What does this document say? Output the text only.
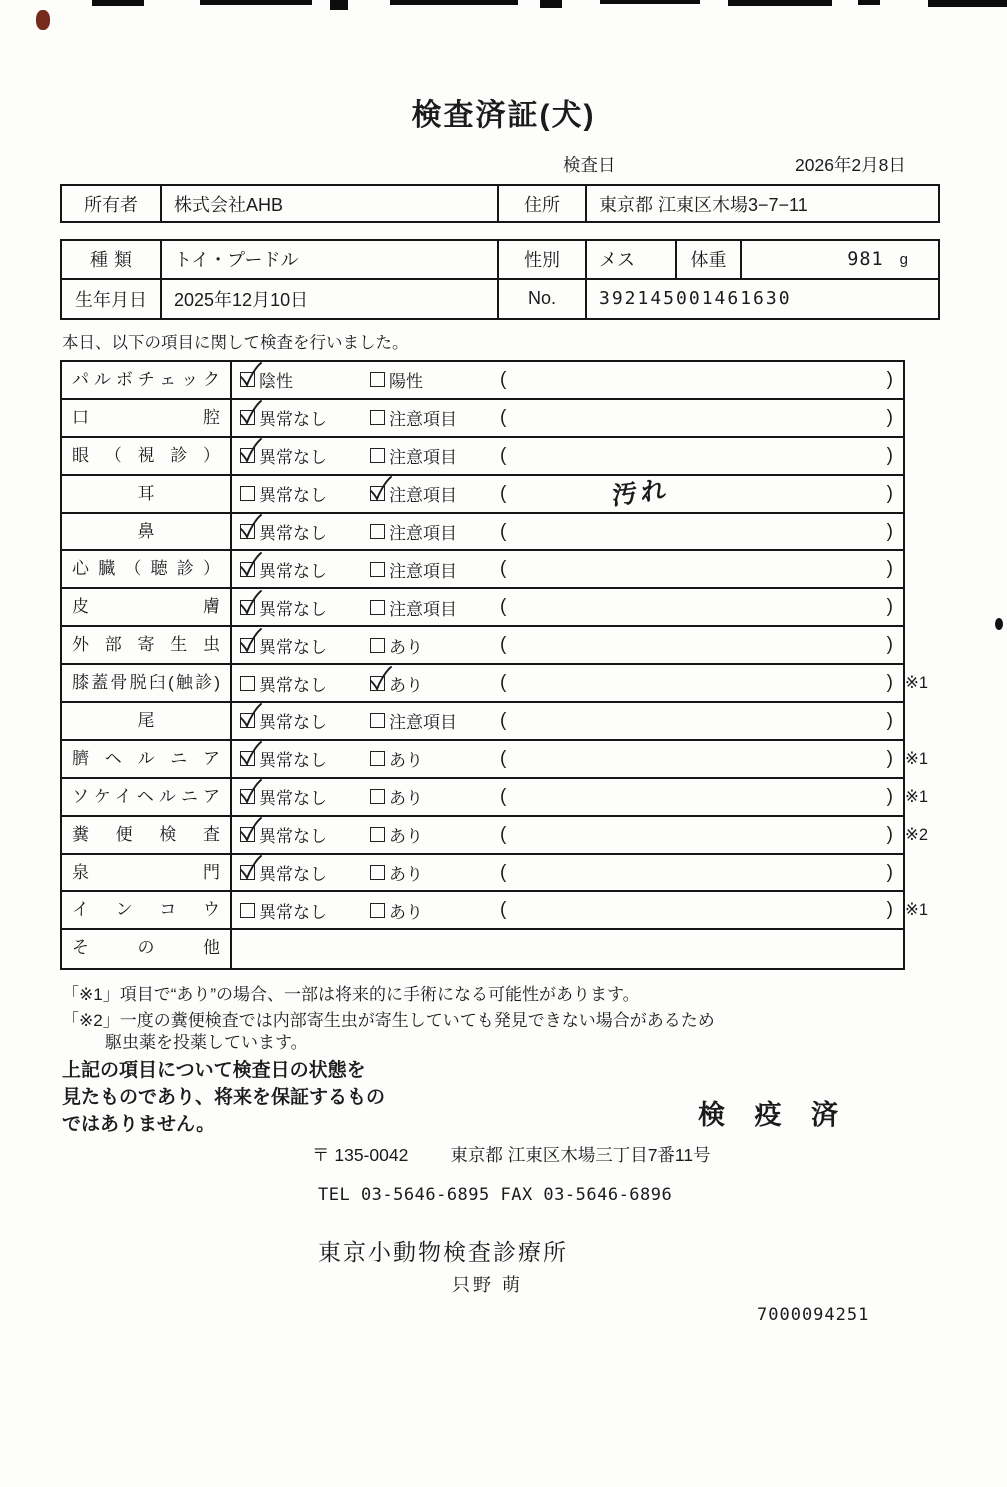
検査済証(犬)
検査日	2026年2月8日
所有者	株式会社AHB	住所	東京都 江東区木場3−7−11
種類	トイ・プードル	性別	メス	体重	981 g
生年月日	2025年12月10日	No.	392145001461630
本日、以下の項目に関して検査を行いました。
パルボチェック	陰性	陽性	(	)
口腔	異常なし	注意項目 (	)
眼（視診）	異常なし	注意項目 (	)
耳	異常なし	注意項目 (	汚れ	)
鼻	異常なし	注意項目 (	)
心臓（聴診）	異常なし	注意項目 (	)
皮膚	異常なし	注意項目 (	)
外部寄生虫	異常なし	あり	(	)
膝蓋骨脱臼(触診)	異常なし	あり	(	) ※1
尾	異常なし	注意項目 (	)
臍ヘルニア	異常なし	あり	(	) ※1
ソケイヘルニア	異常なし	あり	(	) ※1
糞便検査	異常なし	あり	(	) ※2
泉門	異常なし	あり	(	)
インコウ	異常なし	あり	(	) ※1
その他
「※1」項目で“あり”の場合、一部は将来的に手術になる可能性があります。
「※2」一度の糞便検査では内部寄生虫が寄生していても発見できない場合があるため
駆虫薬を投薬しています。
上記の項目について検査日の状態を
見たものであり、将来を保証するもの
ではありません。	検 疫 済
〒 135-0042 東京都 江東区木場三丁目7番11号
TEL 03-5646-6895 FAX 03-5646-6896
東京小動物検査診療所
只野 萌
7000094251
